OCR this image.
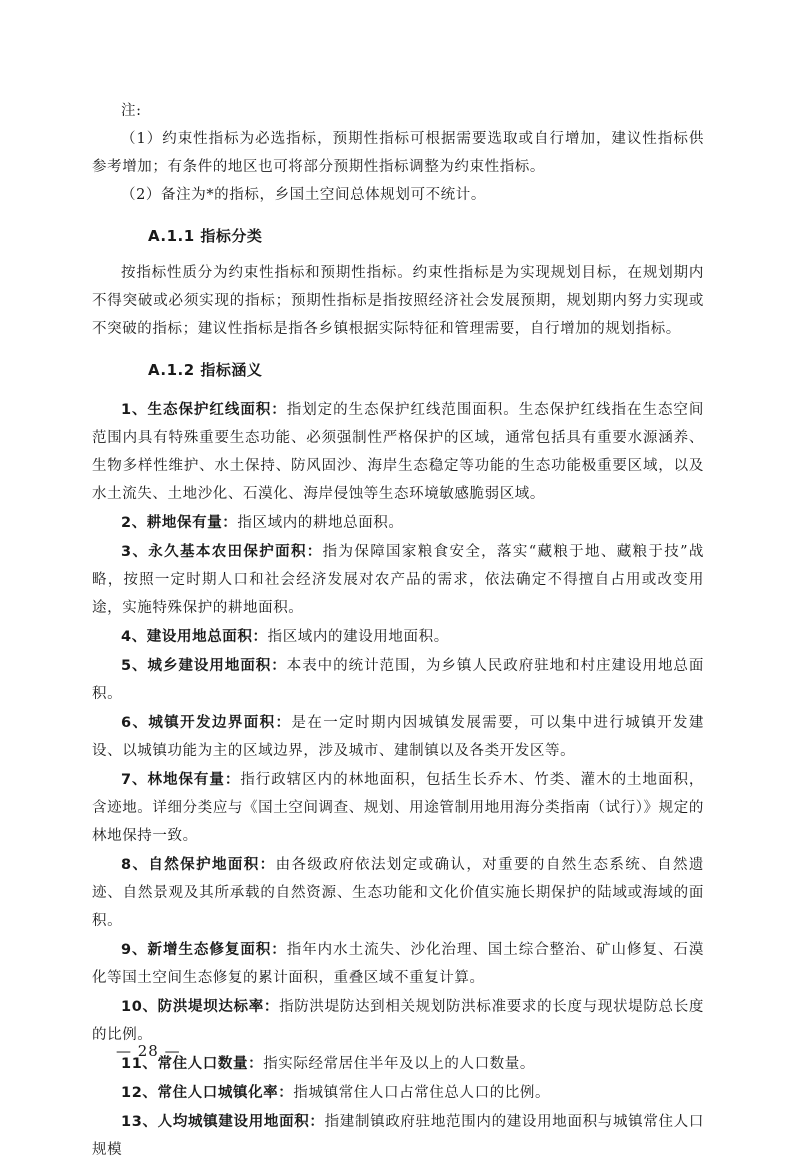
注:

（1）约束性指标为必选指标，预期性指标可根据需要选取或自行增加，建议性指标供参考增加；有条件的地区也可将部分预期性指标调整为约束性指标。

（2）备注为*的指标，乡国土空间总体规划可不统计。

A.1.1 指标分类

按指标性质分为约束性指标和预期性指标。约束性指标是为实现规划目标，在规划期内不得突破或必须实现的指标；预期性指标是指按照经济社会发展预期，规划期内努力实现或不突破的指标；建议性指标是指各乡镇根据实际特征和管理需要，自行增加的规划指标。

A.1.2 指标涵义

1、生态保护红线面积：指划定的生态保护红线范围面积。生态保护红线指在生态空间范围内具有特殊重要生态功能、必须强制性严格保护的区域，通常包括具有重要水源涵养、生物多样性维护、水土保持、防风固沙、海岸生态稳定等功能的生态功能极重要区域，以及水土流失、土地沙化、石漠化、海岸侵蚀等生态环境敏感脆弱区域。

2、耕地保有量：指区域内的耕地总面积。

3、永久基本农田保护面积：指为保障国家粮食安全，落实“藏粮于地、藏粮于技”战略，按照一定时期人口和社会经济发展对农产品的需求，依法确定不得擅自占用或改变用途，实施特殊保护的耕地面积。

4、建设用地总面积：指区域内的建设用地面积。

5、城乡建设用地面积：本表中的统计范围，为乡镇人民政府驻地和村庄建设用地总面积。

6、城镇开发边界面积：是在一定时期内因城镇发展需要，可以集中进行城镇开发建设、以城镇功能为主的区域边界，涉及城市、建制镇以及各类开发区等。

7、林地保有量：指行政辖区内的林地面积，包括生长乔木、竹类、灌木的土地面积，含迹地。详细分类应与《国土空间调查、规划、用途管制用地用海分类指南（试行）》规定的林地保持一致。

8、自然保护地面积：由各级政府依法划定或确认，对重要的自然生态系统、自然遗迹、自然景观及其所承载的自然资源、生态功能和文化价值实施长期保护的陆域或海域的面积。

9、新增生态修复面积：指年内水土流失、沙化治理、国土综合整治、矿山修复、石漠化等国土空间生态修复的累计面积，重叠区域不重复计算。

10、防洪堤坝达标率：指防洪堤防达到相关规划防洪标准要求的长度与现状堤防总长度的比例。

11、常住人口数量：指实际经常居住半年及以上的人口数量。

12、常住人口城镇化率：指城镇常住人口占常住总人口的比例。

13、人均城镇建设用地面积：指建制镇政府驻地范围内的建设用地面积与城镇常住人口规模

— 28 —
